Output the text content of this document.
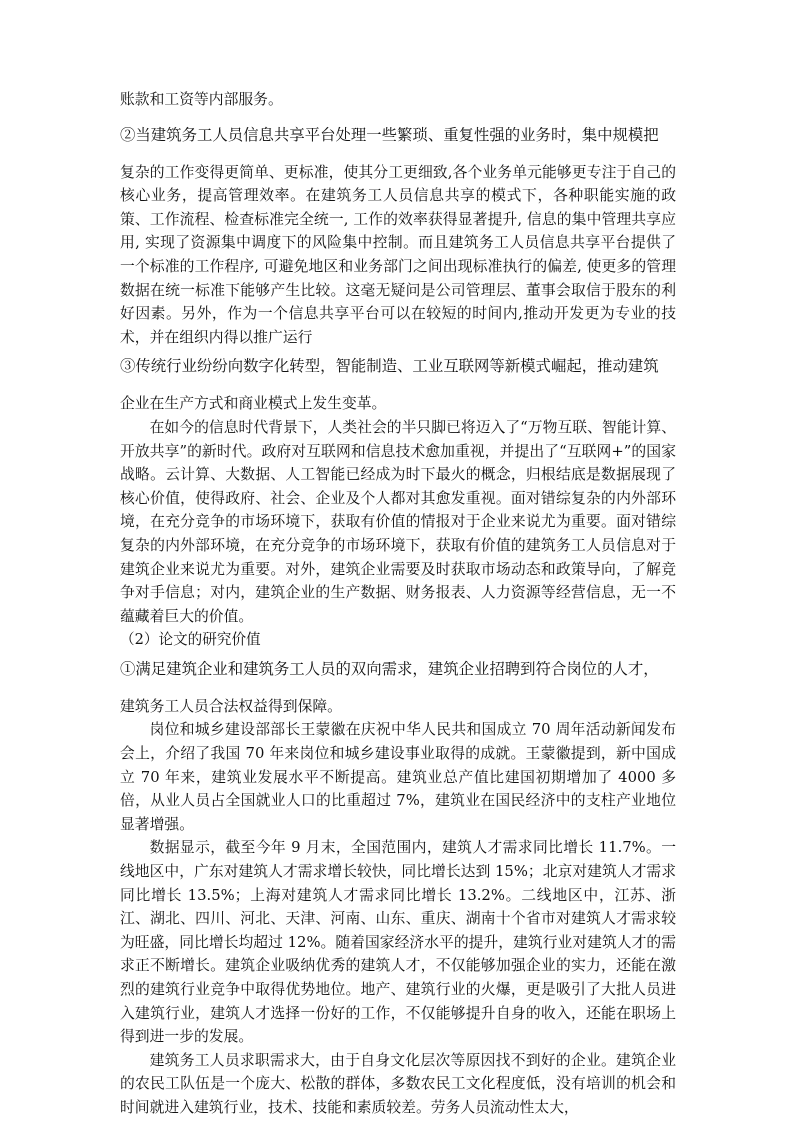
账款和工资等内部服务。

②当建筑务工人员信息共享平台处理一些繁琐、重复性强的业务时，集中规模把

复杂的工作变得更简单、更标准，使其分工更细致,各个业务单元能够更专注于自己的核心业务，提高管理效率。在建筑务工人员信息共享的模式下，各种职能实施的政策、工作流程、检查标准完全统一, 工作的效率获得显著提升, 信息的集中管理共享应用, 实现了资源集中调度下的风险集中控制。而且建筑务工人员信息共享平台提供了一个标准的工作程序, 可避免地区和业务部门之间出现标准执行的偏差, 使更多的管理数据在统一标准下能够产生比较。这毫无疑问是公司管理层、董事会取信于股东的利好因素。另外，作为一个信息共享平台可以在较短的时间内,推动开发更为专业的技术，并在组织内得以推广运行

③传统行业纷纷向数字化转型，智能制造、工业互联网等新模式崛起，推动建筑

企业在生产方式和商业模式上发生变革。

在如今的信息时代背景下，人类社会的半只脚已将迈入了“万物互联、智能计算、开放共享”的新时代。政府对互联网和信息技术愈加重视，并提出了“互联网+”的国家战略。云计算、大数据、人工智能已经成为时下最火的概念，归根结底是数据展现了核心价值，使得政府、社会、企业及个人都对其愈发重视。面对错综复杂的内外部环境，在充分竞争的市场环境下，获取有价值的情报对于企业来说尤为重要。面对错综复杂的内外部环境，在充分竞争的市场环境下，获取有价值的建筑务工人员信息对于建筑企业来说尤为重要。对外，建筑企业需要及时获取市场动态和政策导向，了解竞争对手信息；对内，建筑企业的生产数据、财务报表、人力资源等经营信息，无一不蕴藏着巨大的价值。

（2）论文的研究价值

①满足建筑企业和建筑务工人员的双向需求，建筑企业招聘到符合岗位的人才，

建筑务工人员合法权益得到保障。

岗位和城乡建设部部长王蒙徽在庆祝中华人民共和国成立 70 周年活动新闻发布会上，介绍了我国 70 年来岗位和城乡建设事业取得的成就。王蒙徽提到，新中国成立 70 年来，建筑业发展水平不断提高。建筑业总产值比建国初期增加了 4000 多倍，从业人员占全国就业人口的比重超过 7%，建筑业在国民经济中的支柱产业地位显著增强。

数据显示，截至今年 9 月末，全国范围内，建筑人才需求同比增长 11.7%。一线地区中，广东对建筑人才需求增长较快，同比增长达到 15%；北京对建筑人才需求同比增长 13.5%；上海对建筑人才需求同比增长 13.2%。二线地区中，江苏、浙江、湖北、四川、河北、天津、河南、山东、重庆、湖南十个省市对建筑人才需求较为旺盛，同比增长均超过 12%。随着国家经济水平的提升，建筑行业对建筑人才的需求正不断增长。建筑企业吸纳优秀的建筑人才，不仅能够加强企业的实力，还能在激烈的建筑行业竞争中取得优势地位。地产、建筑行业的火爆，更是吸引了大批人员进入建筑行业，建筑人才选择一份好的工作，不仅能够提升自身的收入，还能在职场上得到进一步的发展。

建筑务工人员求职需求大，由于自身文化层次等原因找不到好的企业。建筑企业的农民工队伍是一个庞大、松散的群体，多数农民工文化程度低，没有培训的机会和时间就进入建筑行业，技术、技能和素质较差。劳务人员流动性太大，
